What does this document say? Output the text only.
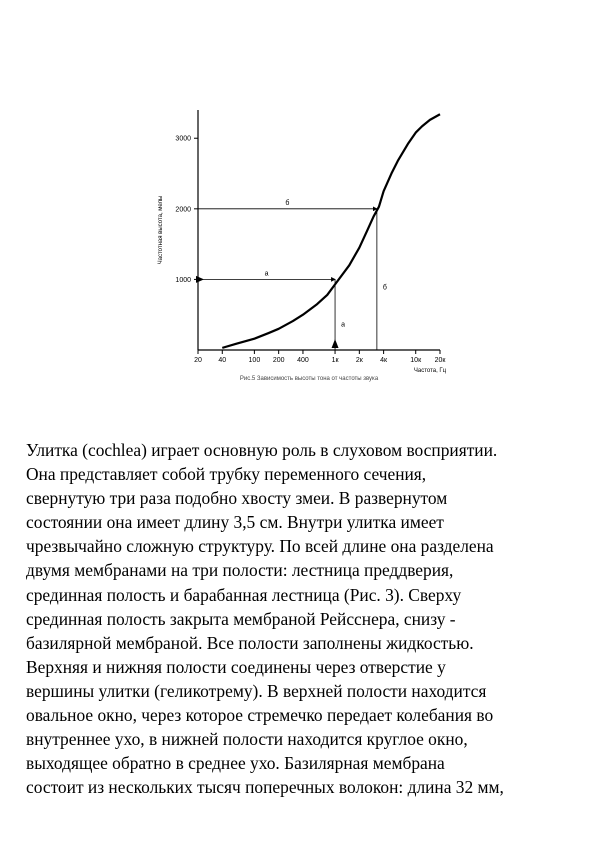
1000
2000
3000
20 40	100 200 400	1к 2к 4к	10к 20к
Частотная высота, мелы
Частота, Гц
Рис.5 Зависимость высоты тона от частоты звука
а
а
б
б

Улитка (cochlea) играет основную роль в слуховом восприятии.
Она представляет собой трубку переменного сечения,
свернутую три раза подобно хвосту змеи. В развернутом
состоянии она имеет длину 3,5 см. Внутри улитка имеет
чрезвычайно сложную структуру. По всей длине она разделена
двумя мембранами на три полости: лестница преддверия,
срединная полость и барабанная лестница (Рис. 3). Сверху
срединная полость закрыта мембраной Рейсснера, снизу -
базилярной мембраной. Все полости заполнены жидкостью.
Верхняя и нижняя полости соединены через отверстие у
вершины улитки (геликотрему). В верхней полости находится
овальное окно, через которое стремечко передает колебания во
внутреннее ухо, в нижней полости находится круглое окно,
выходящее обратно в среднее ухо. Базилярная мембрана
состоит из нескольких тысяч поперечных волокон: длина 32 мм,
